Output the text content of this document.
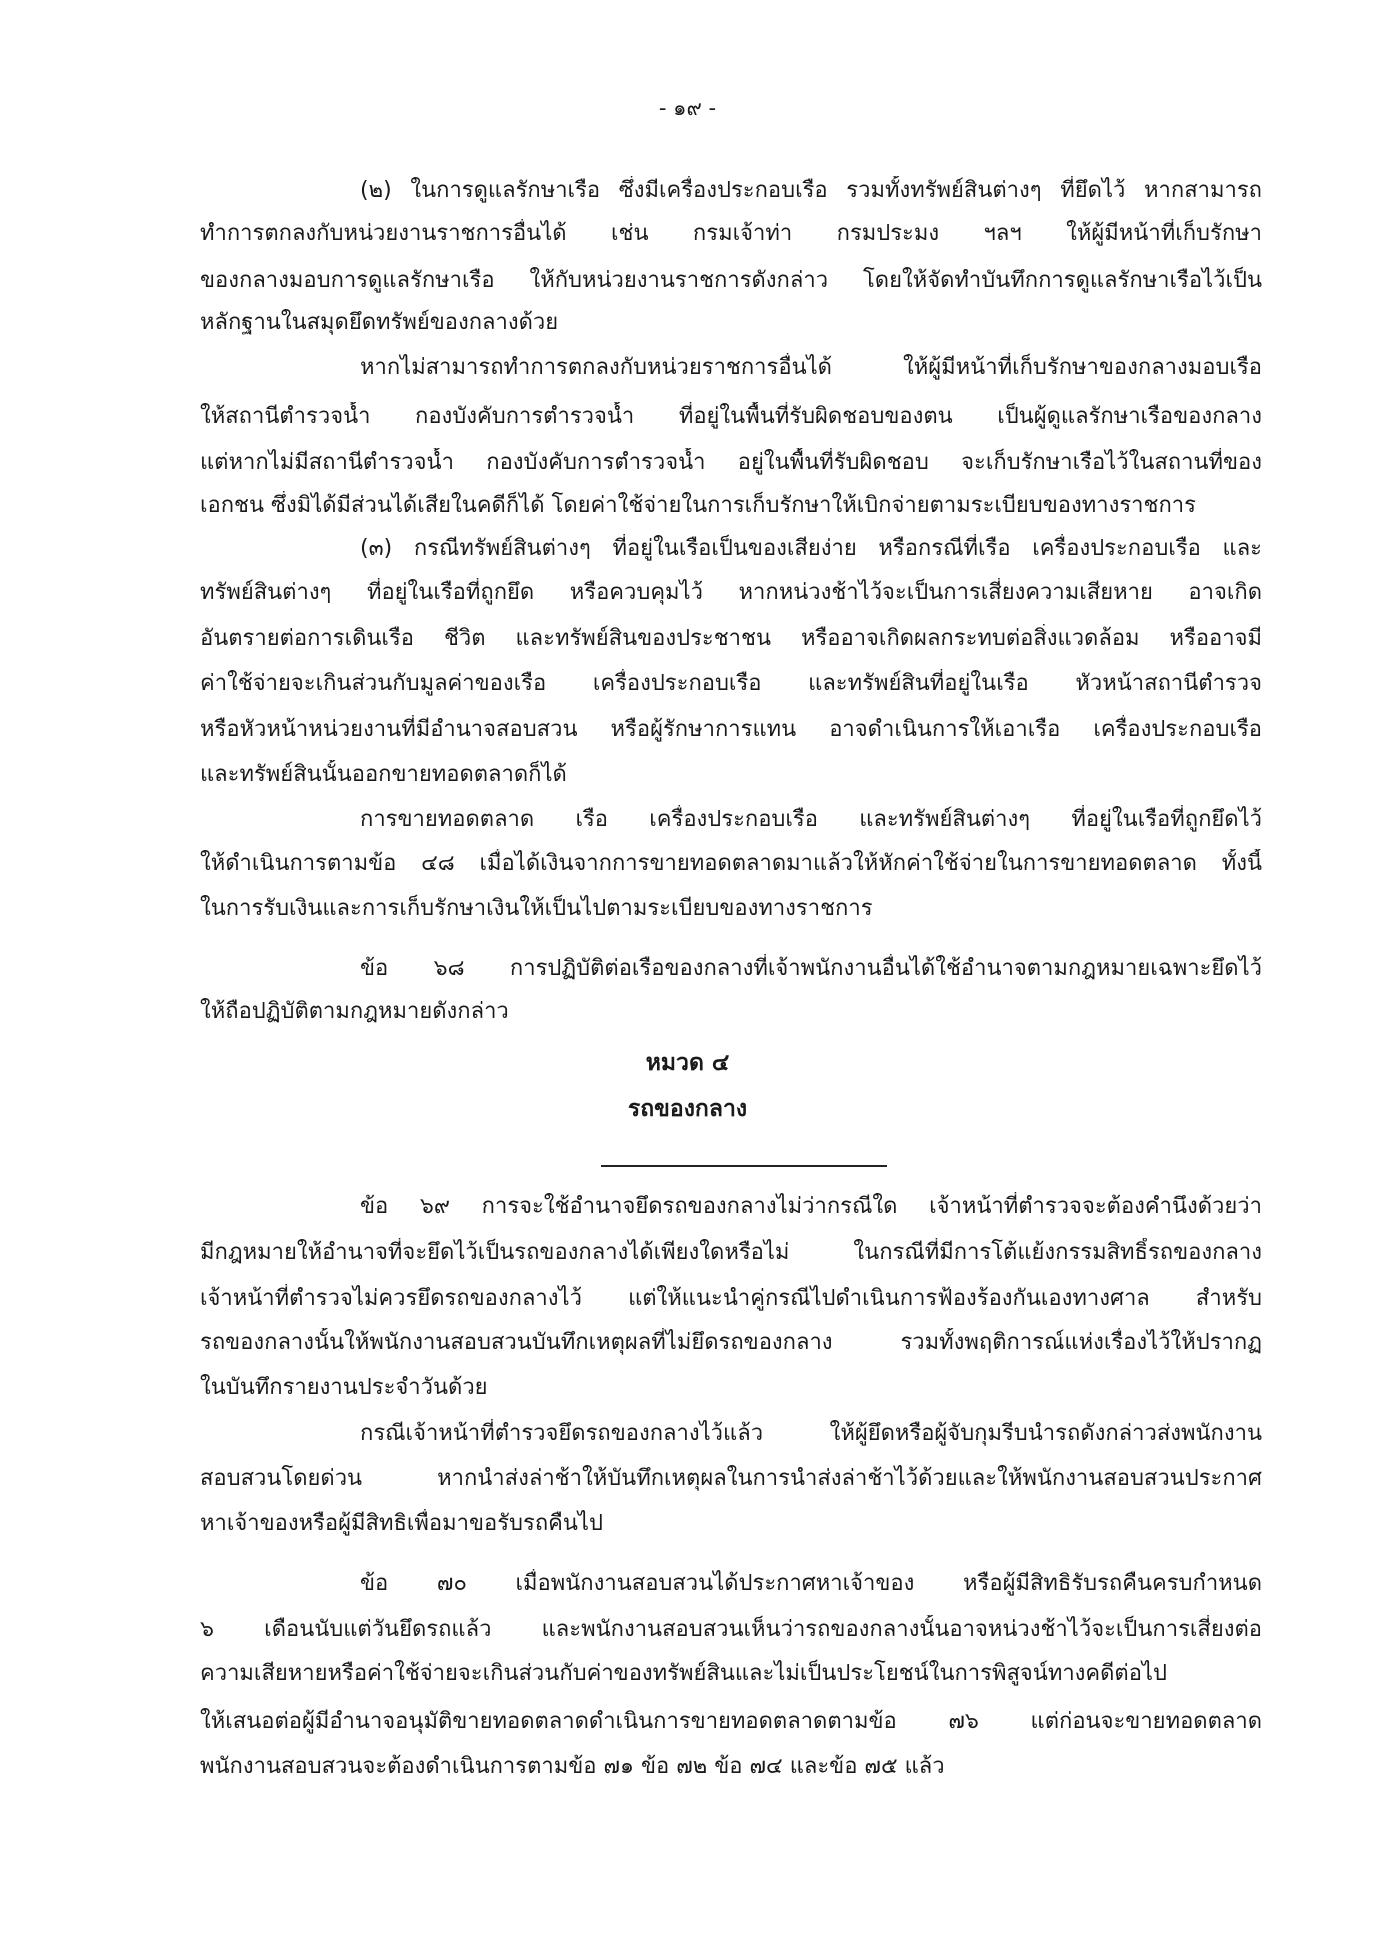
- ๑๙ -
หมวด ๔
รถของกลาง
(๒) ในการดูแลรักษาเรือ ซึ่งมีเครื่องประกอบเรือ รวมทั้งทรัพย์สินต่างๆ ที่ยึดไว้ หากสามารถ
ทำการตกลงกับหน่วยงานราชการอื่นได้ เช่น กรมเจ้าท่า กรมประมง ฯลฯ ให้ผู้มีหน้าที่เก็บรักษา
ของกลางมอบการดูแลรักษาเรือ ให้กับหน่วยงานราชการดังกล่าว โดยให้จัดทำบันทึกการดูแลรักษาเรือไว้เป็น
หลักฐานในสมุดยึดทรัพย์ของกลางด้วย
หากไม่สามารถทำการตกลงกับหน่วยราชการอื่นได้ ให้ผู้มีหน้าที่เก็บรักษาของกลางมอบเรือ
ให้สถานีตำรวจน้ำ กองบังคับการตำรวจน้ำ ที่อยู่ในพื้นที่รับผิดชอบของตน เป็นผู้ดูแลรักษาเรือของกลาง
แต่หากไม่มีสถานีตำรวจน้ำ กองบังคับการตำรวจน้ำ อยู่ในพื้นที่รับผิดชอบ จะเก็บรักษาเรือไว้ในสถานที่ของ
เอกชน ซึ่งมิได้มีส่วนได้เสียในคดีก็ได้ โดยค่าใช้จ่ายในการเก็บรักษาให้เบิกจ่ายตามระเบียบของทางราชการ
(๓) กรณีทรัพย์สินต่างๆ ที่อยู่ในเรือเป็นของเสียง่าย หรือกรณีที่เรือ เครื่องประกอบเรือ และ
ทรัพย์สินต่างๆ ที่อยู่ในเรือที่ถูกยึด หรือควบคุมไว้ หากหน่วงช้าไว้จะเป็นการเสี่ยงความเสียหาย อาจเกิด
อันตรายต่อการเดินเรือ ชีวิต และทรัพย์สินของประชาชน หรืออาจเกิดผลกระทบต่อสิ่งแวดล้อม หรืออาจมี
ค่าใช้จ่ายจะเกินส่วนกับมูลค่าของเรือ เครื่องประกอบเรือ และทรัพย์สินที่อยู่ในเรือ หัวหน้าสถานีตำรวจ
หรือหัวหน้าหน่วยงานที่มีอำนาจสอบสวน หรือผู้รักษาการแทน อาจดำเนินการให้เอาเรือ เครื่องประกอบเรือ
และทรัพย์สินนั้นออกขายทอดตลาดก็ได้
การขายทอดตลาด เรือ เครื่องประกอบเรือ และทรัพย์สินต่างๆ ที่อยู่ในเรือที่ถูกยึดไว้
ให้ดำเนินการตามข้อ ๔๘ เมื่อได้เงินจากการขายทอดตลาดมาแล้วให้หักค่าใช้จ่ายในการขายทอดตลาด ทั้งนี้
ในการรับเงินและการเก็บรักษาเงินให้เป็นไปตามระเบียบของทางราชการ
ข้อ ๖๘ การปฏิบัติต่อเรือของกลางที่เจ้าพนักงานอื่นได้ใช้อำนาจตามกฎหมายเฉพาะยึดไว้
ให้ถือปฏิบัติตามกฎหมายดังกล่าว
ข้อ ๖๙ การจะใช้อำนาจยึดรถของกลางไม่ว่ากรณีใด เจ้าหน้าที่ตำรวจจะต้องคำนึงด้วยว่า
มีกฎหมายให้อำนาจที่จะยึดไว้เป็นรถของกลางได้เพียงใดหรือไม่ ในกรณีที่มีการโต้แย้งกรรมสิทธิ์รถของกลาง
เจ้าหน้าที่ตำรวจไม่ควรยึดรถของกลางไว้ แต่ให้แนะนำคู่กรณีไปดำเนินการฟ้องร้องกันเองทางศาล สำหรับ
รถของกลางนั้นให้พนักงานสอบสวนบันทึกเหตุผลที่ไม่ยึดรถของกลาง รวมทั้งพฤติการณ์แห่งเรื่องไว้ให้ปรากฏ
ในบันทึกรายงานประจำวันด้วย
กรณีเจ้าหน้าที่ตำรวจยึดรถของกลางไว้แล้ว ให้ผู้ยึดหรือผู้จับกุมรีบนำรถดังกล่าวส่งพนักงาน
สอบสวนโดยด่วน หากนำส่งล่าช้าให้บันทึกเหตุผลในการนำส่งล่าช้าไว้ด้วยและให้พนักงานสอบสวนประกาศ
หาเจ้าของหรือผู้มีสิทธิเพื่อมาขอรับรถคืนไป
ข้อ ๗๐ เมื่อพนักงานสอบสวนได้ประกาศหาเจ้าของ หรือผู้มีสิทธิรับรถคืนครบกำหนด
๖ เดือนนับแต่วันยึดรถแล้ว และพนักงานสอบสวนเห็นว่ารถของกลางนั้นอาจหน่วงช้าไว้จะเป็นการเสี่ยงต่อ
ความเสียหายหรือค่าใช้จ่ายจะเกินส่วนกับค่าของทรัพย์สินและไม่เป็นประโยชน์ในการพิสูจน์ทางคดีต่อไป
ให้เสนอต่อผู้มีอำนาจอนุมัติขายทอดตลาดดำเนินการขายทอดตลาดตามข้อ ๗๖ แต่ก่อนจะขายทอดตลาด
พนักงานสอบสวนจะต้องดำเนินการตามข้อ ๗๑ ข้อ ๗๒ ข้อ ๗๔ และข้อ ๗๕ แล้ว
